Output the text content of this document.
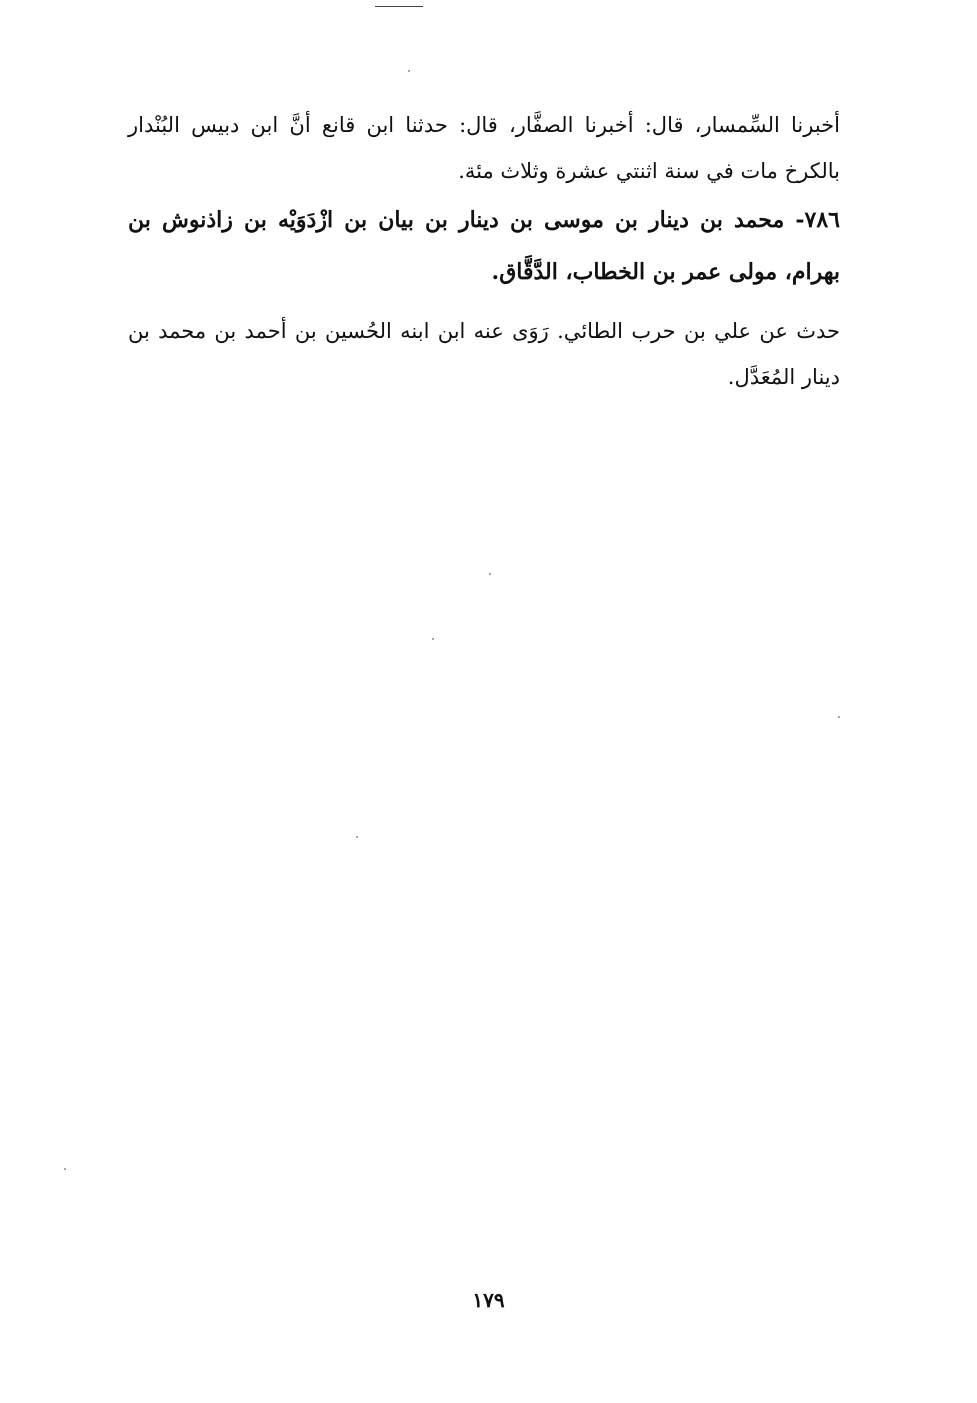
أخبرنا السِّمسار، قال: أخبرنا الصفَّار، قال: حدثنا ابن قانع أنَّ ابن دبيس البُنْدار بالكرخ مات في سنة اثنتي عشرة وثلاث مئة.

٧٨٦- محمد بن دينار بن موسى بن دينار بن بيان بن ازْدَوَيْه بن زاذنوش بن بهرام، مولى عمر بن الخطاب، الدَّقَّاق.

حدث عن علي بن حرب الطائي. رَوَى عنه ابن ابنه الحُسين بن أحمد بن محمد بن دينار المُعَدَّل.

١٧٩
